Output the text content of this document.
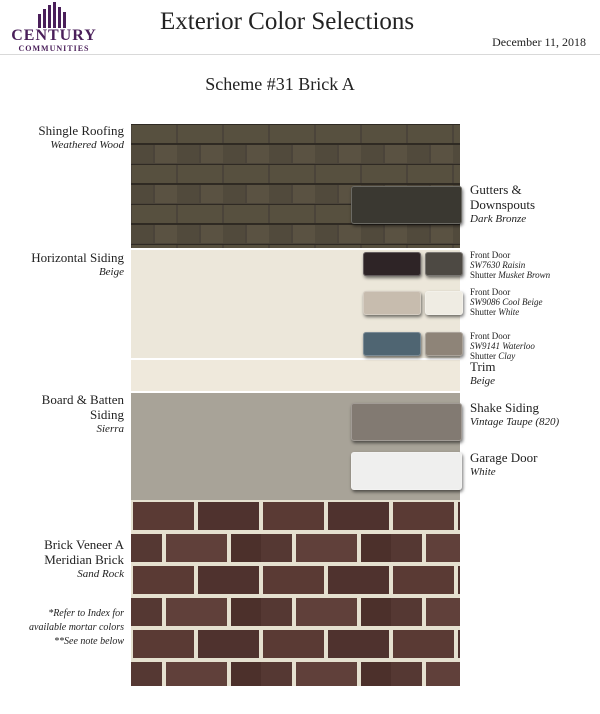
CENTURY
COMMUNITIES
Exterior Color Selections
December 11, 2018
Scheme #31 Brick A
Shingle Roofing
Weathered Wood
Horizontal Siding
Beige
Board & Batten
Siding
Sierra
Brick Veneer A
Meridian Brick
Sand Rock
*Refer to Index for
available mortar colors
**See note below
Gutters &
Downspouts
Dark Bronze
Front Door
SW7630 Raisin
Shutter Musket Brown
Front Door
SW9086 Cool Beige
Shutter White
Front Door
SW9141 Waterloo
Shutter Clay
Trim
Beige
Shake Siding
Vintage Taupe (820)
Garage Door
White
